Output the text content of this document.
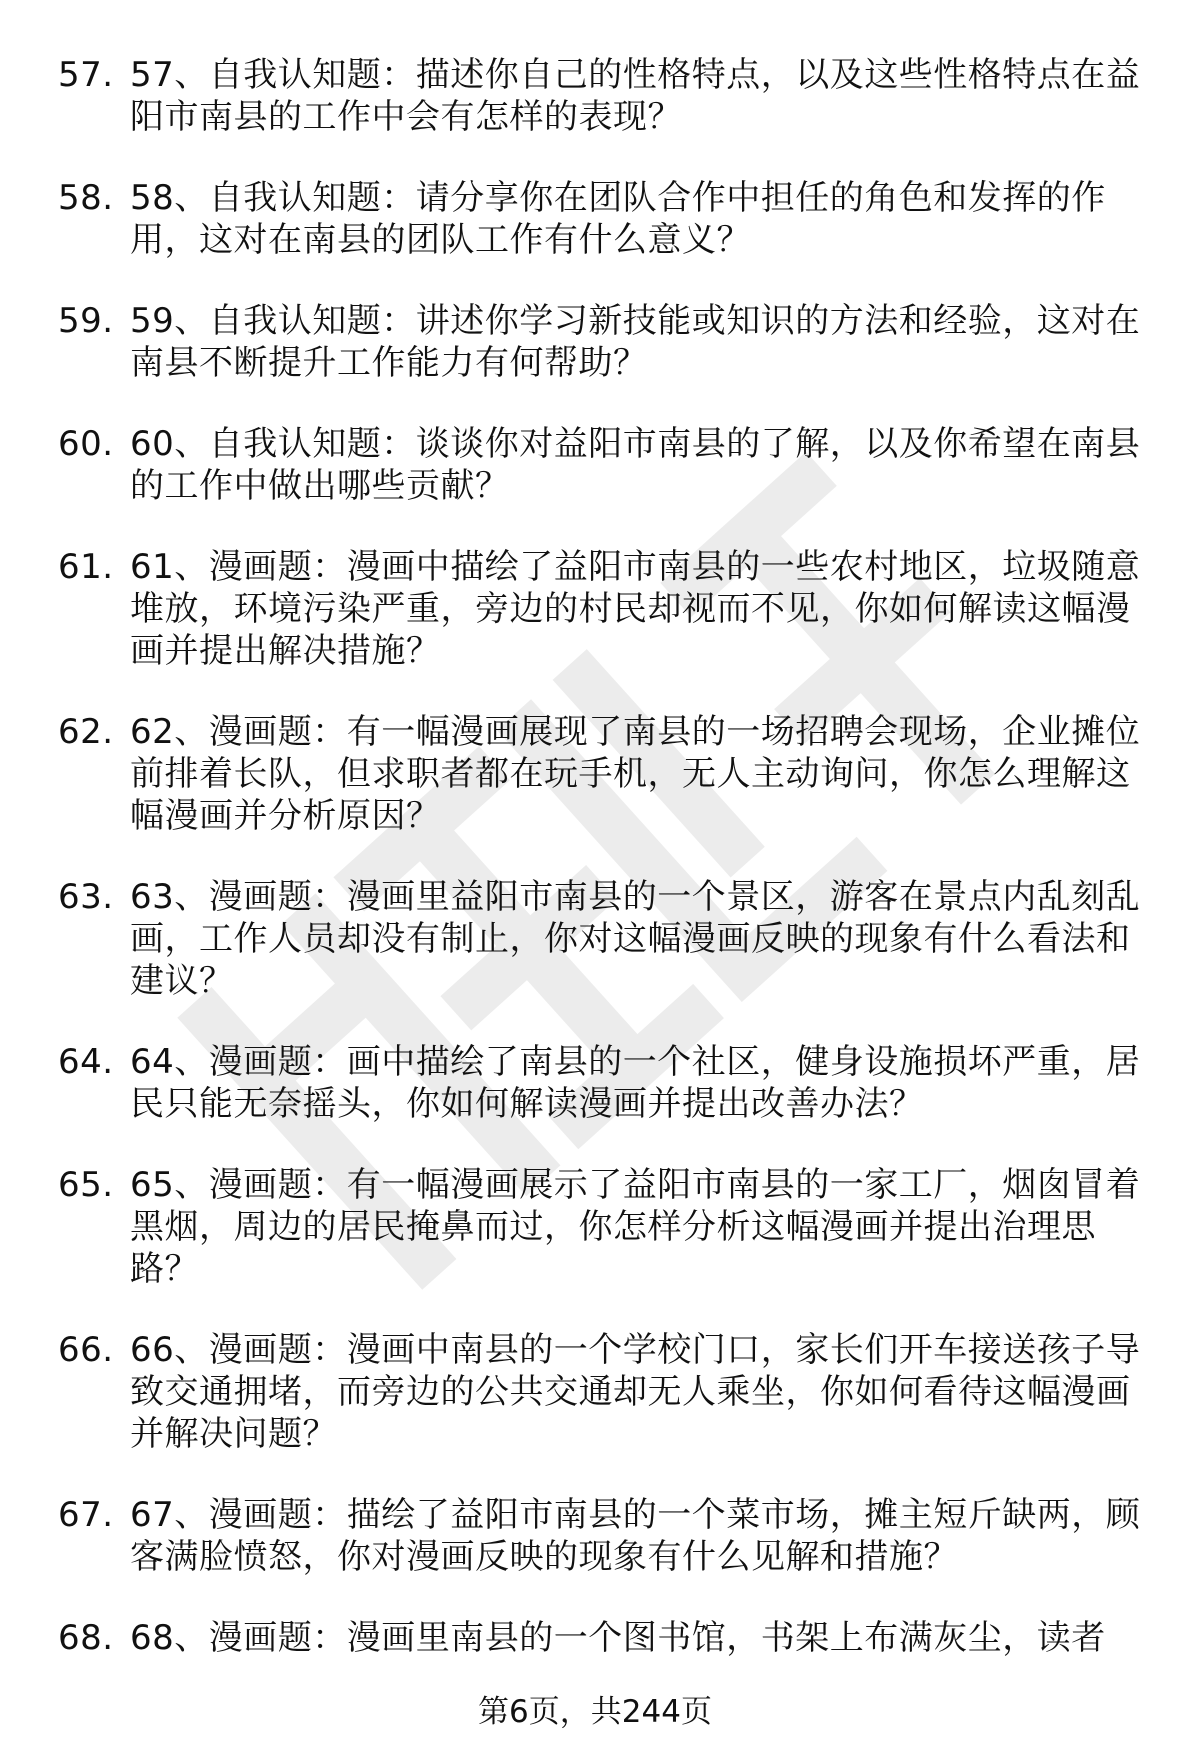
57. 57、自我认知题：描述你自己的性格特点，以及这些性格特点在益阳市南县的工作中会有怎样的表现？
58. 58、自我认知题：请分享你在团队合作中担任的角色和发挥的作用，这对在南县的团队工作有什么意义？
59. 59、自我认知题：讲述你学习新技能或知识的方法和经验，这对在南县不断提升工作能力有何帮助？
60. 60、自我认知题：谈谈你对益阳市南县的了解，以及你希望在南县的工作中做出哪些贡献？
61. 61、漫画题：漫画中描绘了益阳市南县的一些农村地区，垃圾随意堆放，环境污染严重，旁边的村民却视而不见，你如何解读这幅漫画并提出解决措施？
62. 62、漫画题：有一幅漫画展现了南县的一场招聘会现场，企业摊位前排着长队，但求职者都在玩手机，无人主动询问，你怎么理解这幅漫画并分析原因？
63. 63、漫画题：漫画里益阳市南县的一个景区，游客在景点内乱刻乱画，工作人员却没有制止，你对这幅漫画反映的现象有什么看法和建议？
64. 64、漫画题：画中描绘了南县的一个社区，健身设施损坏严重，居民只能无奈摇头，你如何解读漫画并提出改善办法？
65. 65、漫画题：有一幅漫画展示了益阳市南县的一家工厂，烟囱冒着黑烟，周边的居民掩鼻而过，你怎样分析这幅漫画并提出治理思路？
66. 66、漫画题：漫画中南县的一个学校门口，家长们开车接送孩子导致交通拥堵，而旁边的公共交通却无人乘坐，你如何看待这幅漫画并解决问题？
67. 67、漫画题：描绘了益阳市南县的一个菜市场，摊主短斤缺两，顾客满脸愤怒，你对漫画反映的现象有什么见解和措施？
68. 68、漫画题：漫画里南县的一个图书馆，书架上布满灰尘，读者
第6页，共244页
